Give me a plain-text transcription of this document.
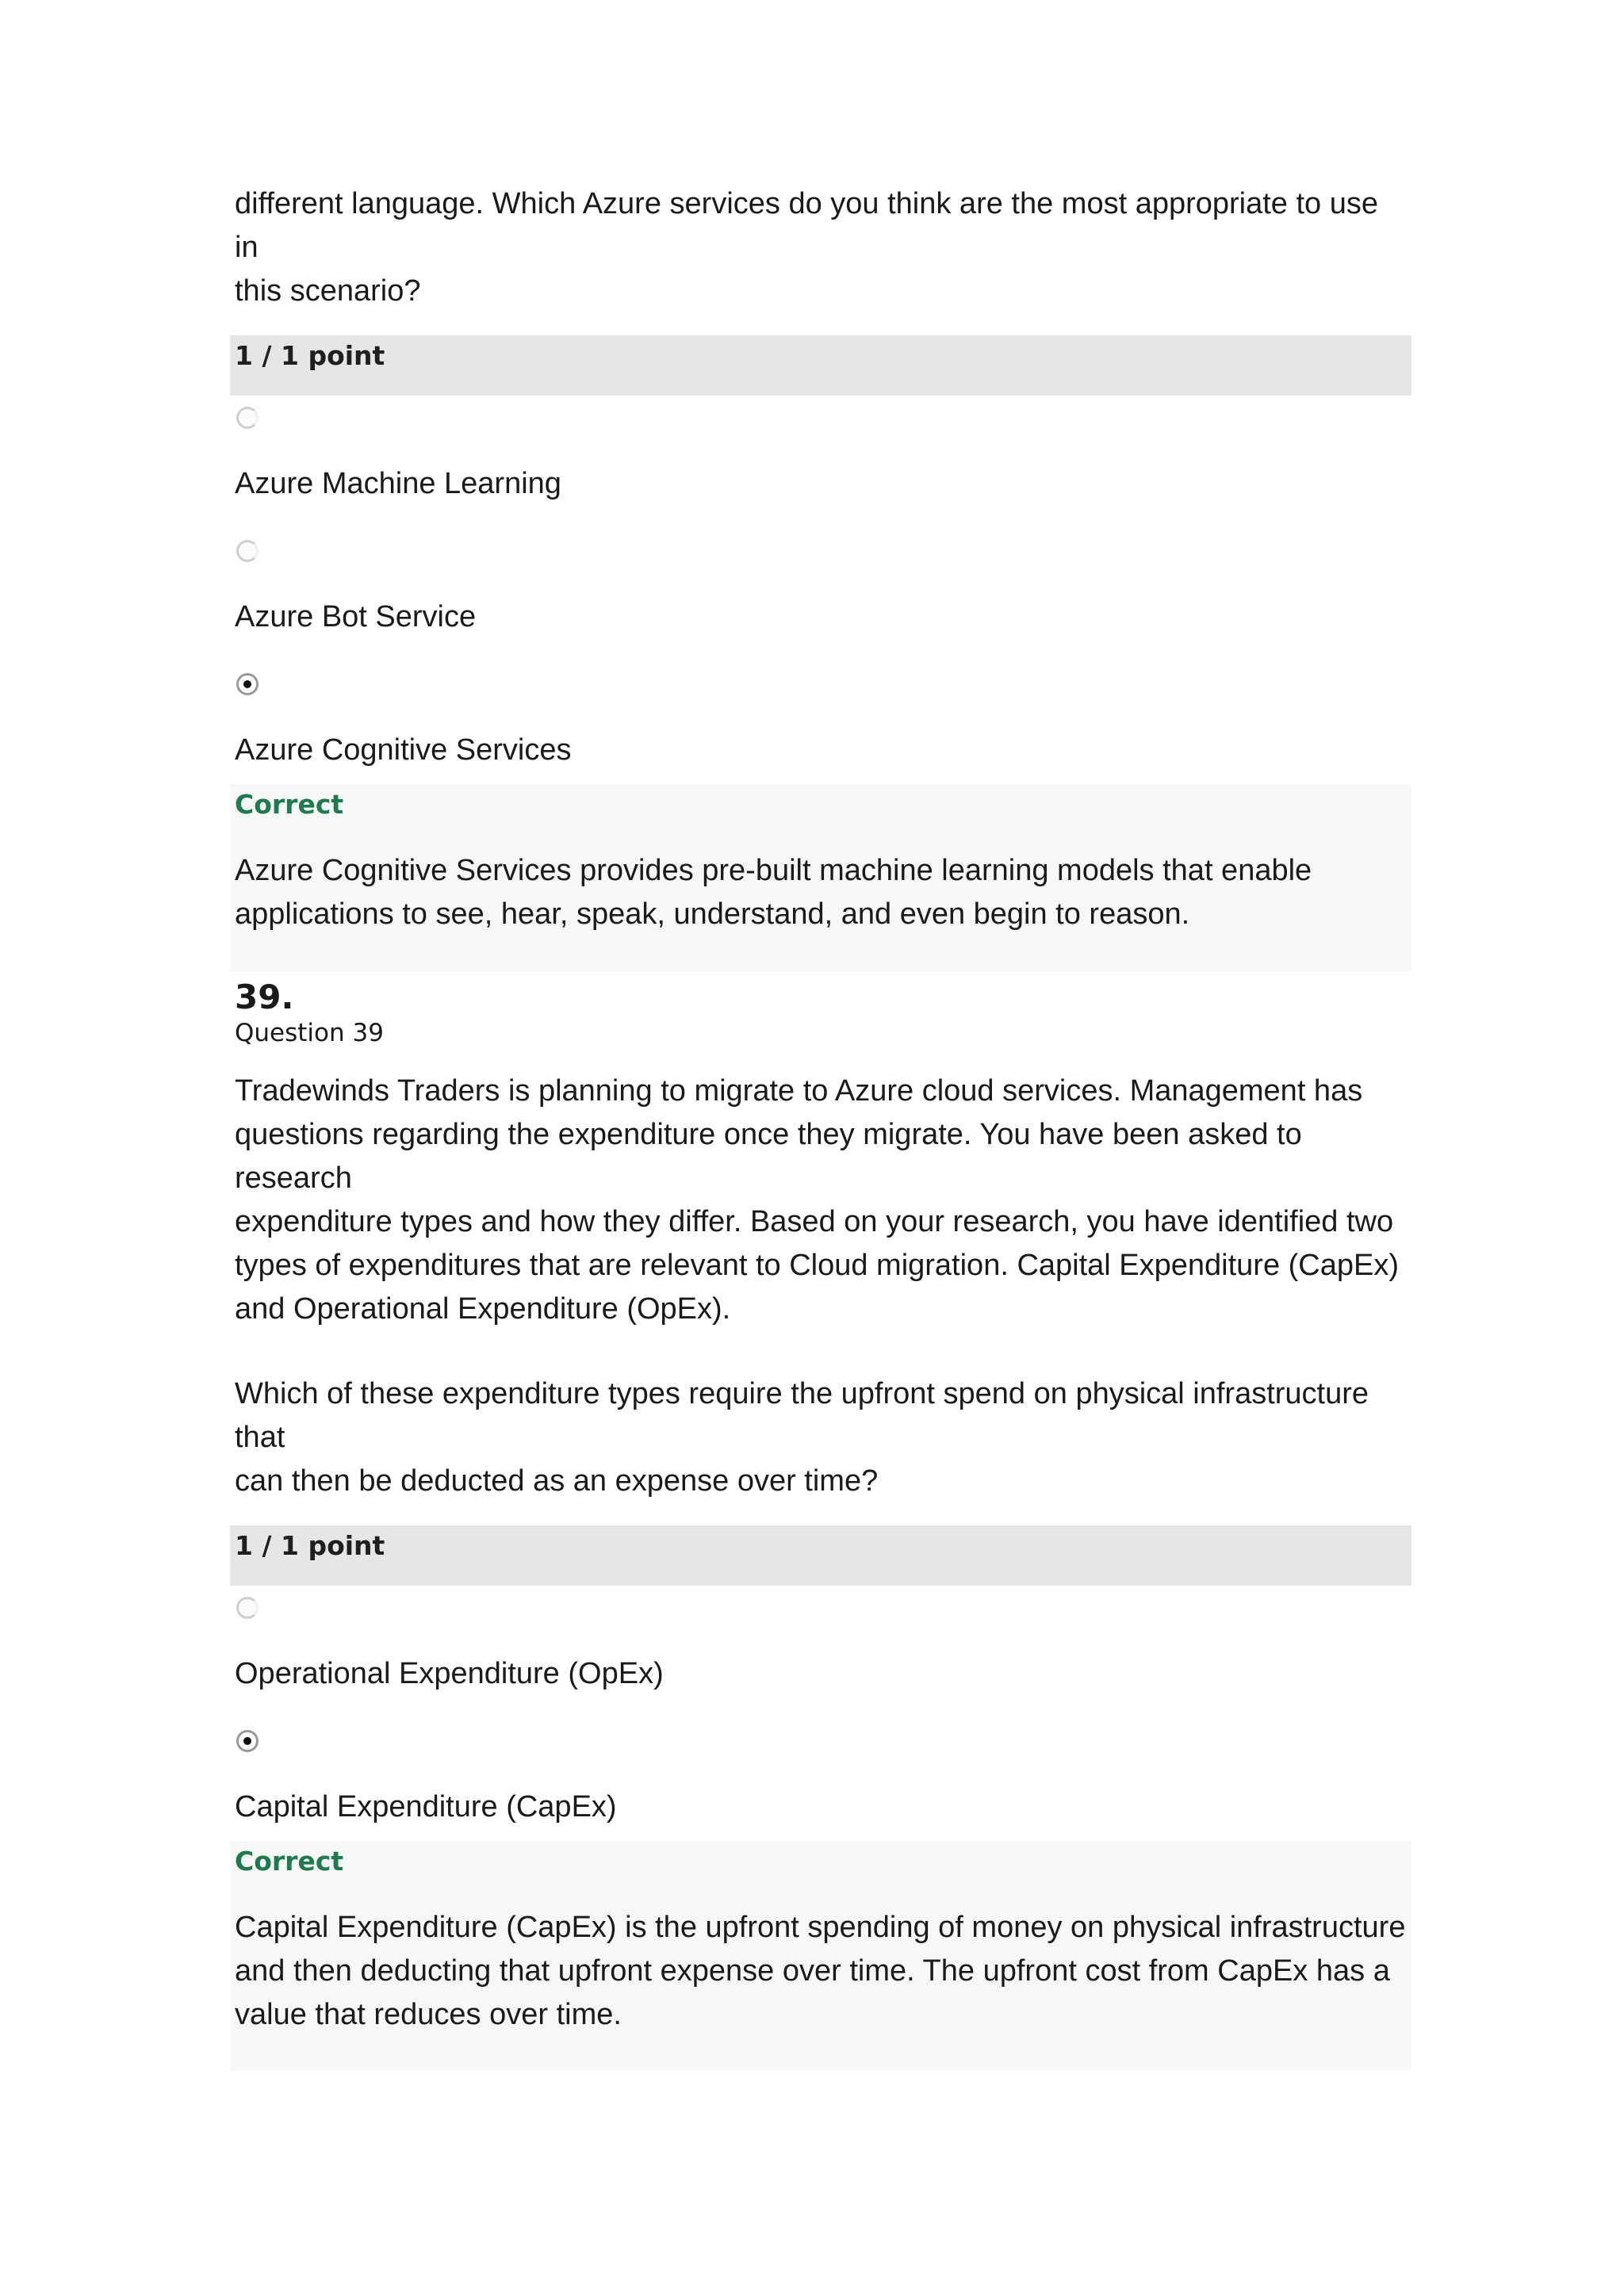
different language. Which Azure services do you think are the most appropriate to use in
this scenario?

1 / 1 point
Azure Machine Learning
Azure Bot Service
Azure Cognitive Services
Correct

Azure Cognitive Services provides pre-built machine learning models that enable
applications to see, hear, speak, understand, and even begin to reason.

39.
Question 39

Tradewinds Traders is planning to migrate to Azure cloud services. Management has
questions regarding the expenditure once they migrate. You have been asked to research
expenditure types and how they differ. Based on your research, you have identified two
types of expenditures that are relevant to Cloud migration. Capital Expenditure (CapEx)
and Operational Expenditure (OpEx).

Which of these expenditure types require the upfront spend on physical infrastructure that
can then be deducted as an expense over time?

1 / 1 point
Operational Expenditure (OpEx)
Capital Expenditure (CapEx)
Correct

Capital Expenditure (CapEx) is the upfront spending of money on physical infrastructure
and then deducting that upfront expense over time. The upfront cost from CapEx has a
value that reduces over time.
